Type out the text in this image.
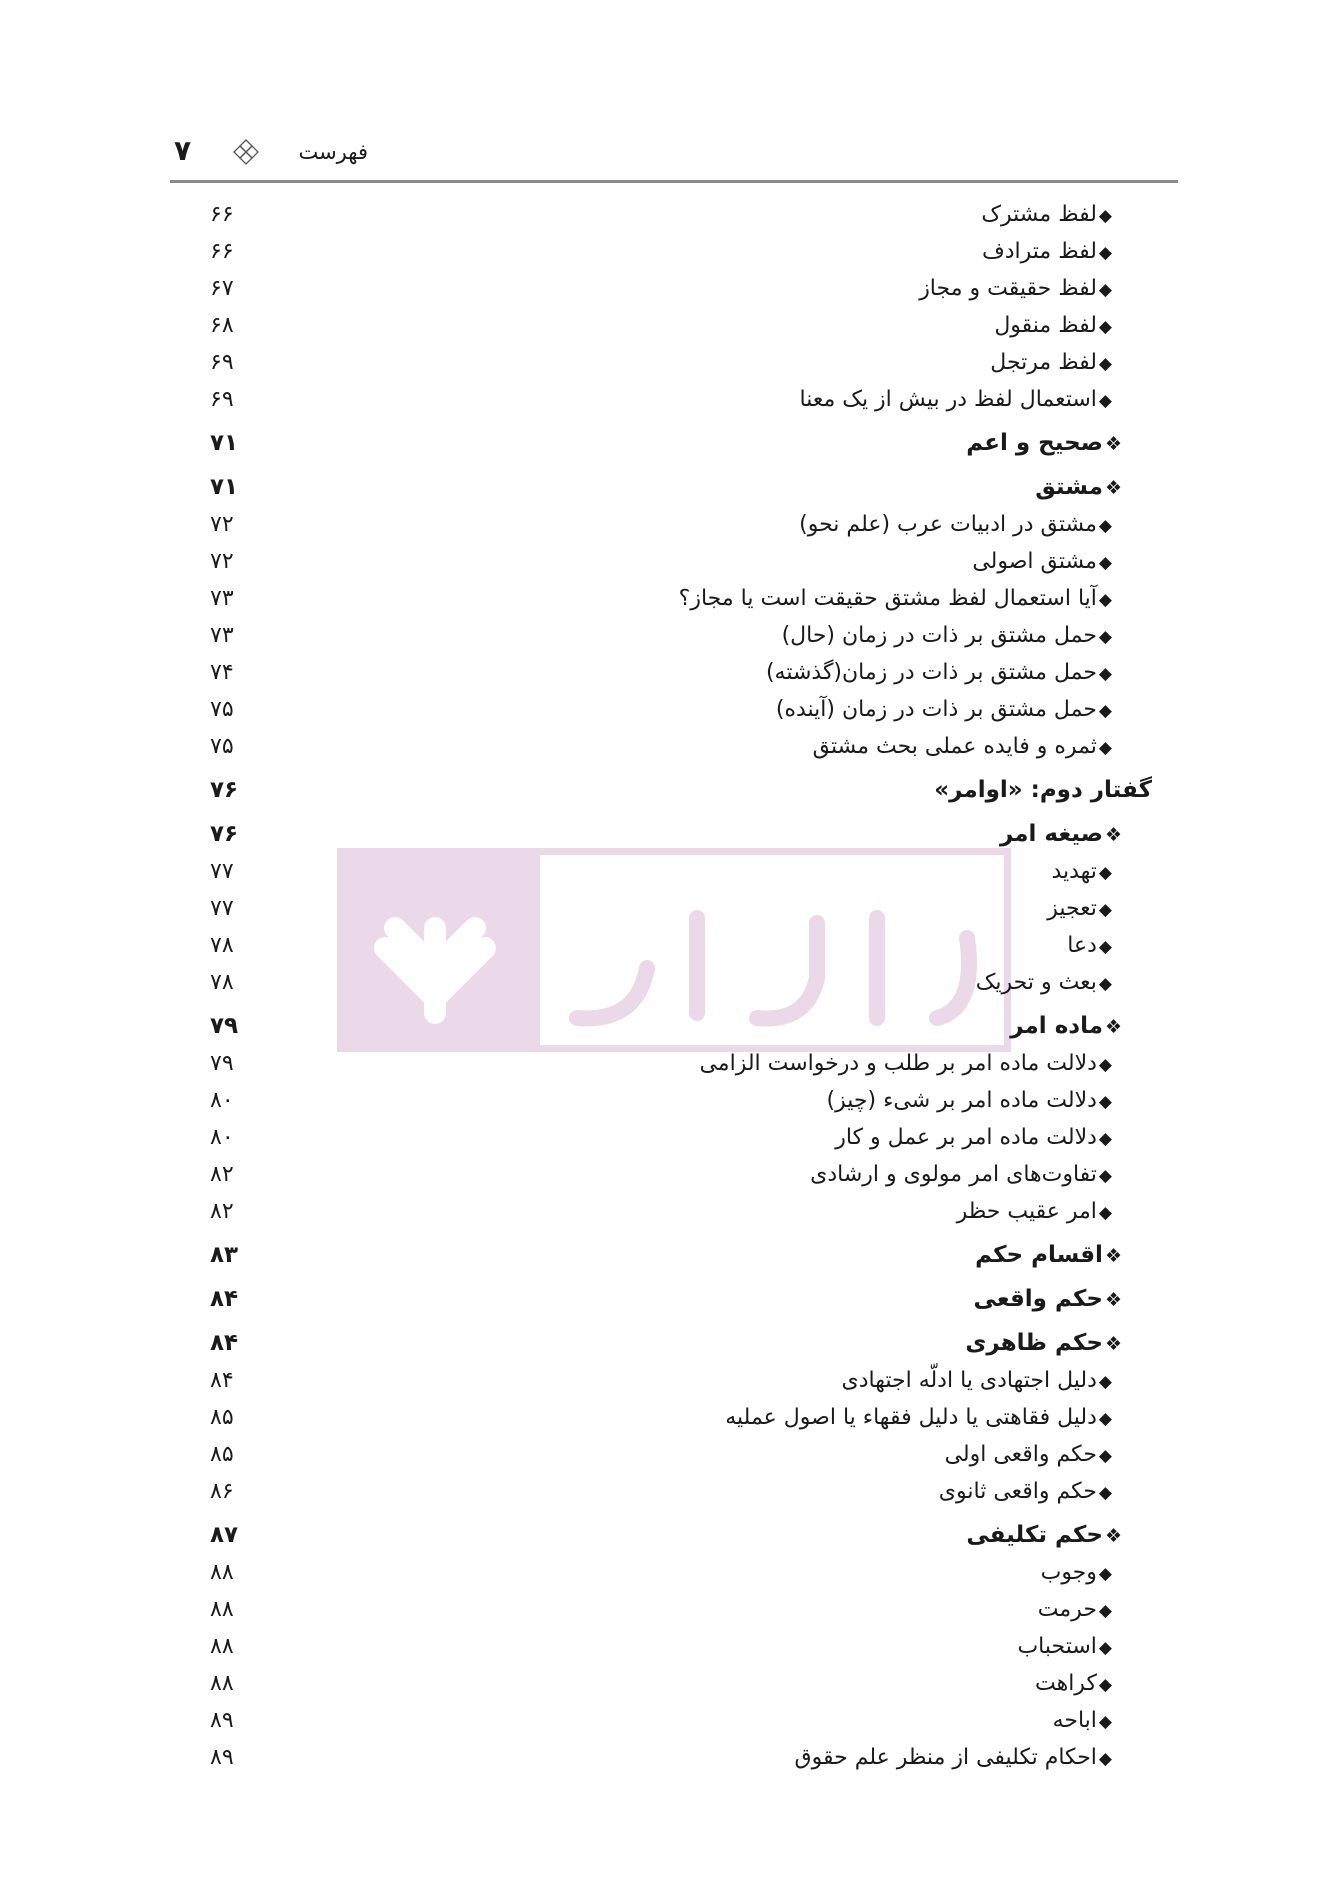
فهرست
۷
◆ لفظ مشترک
۶۶
◆ لفظ مترادف
۶۶
◆ لفظ حقیقت و مجاز
۶۷
◆ لفظ منقول
۶۸
◆ لفظ مرتجل
۶۹
◆ استعمال لفظ در بیش از یک معنا
۶۹
❖ صحیح و اعم
۷۱
❖ مشتق
۷۱
◆ مشتق در ادبیات عرب (علم نحو)
۷۲
◆ مشتق اصولی
۷۲
◆ آیا استعمال لفظ مشتق حقیقت است یا مجاز؟
۷۳
◆ حمل مشتق بر ذات در زمان (حال)
۷۳
◆ حمل مشتق بر ذات در زمان(گذشته)
۷۴
◆ حمل مشتق بر ذات در زمان (آینده)
۷۵
◆ ثمره و فایده عملی بحث مشتق
۷۵
گفتار دوم: «اوامر»
۷۶
❖ صیغه امر
۷۶
◆ تهدید
۷۷
◆ تعجیز
۷۷
◆ دعا
۷۸
◆ بعث و تحریک
۷۸
❖ ماده امر
۷۹
◆ دلالت ماده امر بر طلب و درخواست الزامی
۷۹
◆ دلالت ماده امر بر شیء (چیز)
۸۰
◆ دلالت ماده امر بر عمل و کار
۸۰
◆ تفاوت‌های امر مولوی و ارشادی
۸۲
◆ امر عقیب حظر
۸۲
❖ اقسام حکم
۸۳
❖ حکم واقعی
۸۴
❖ حکم ظاهری
۸۴
◆ دلیل اجتهادی یا ادلّه اجتهادی
۸۴
◆ دلیل فقاهتی یا دلیل فقهاء یا اصول عملیه
۸۵
◆ حکم واقعی اولی
۸۵
◆ حکم واقعی ثانوی
۸۶
❖ حکم تکلیفی
۸۷
◆ وجوب
۸۸
◆ حرمت
۸۸
◆ استحباب
۸۸
◆ کراهت
۸۸
◆ اباحه
۸۹
◆ احکام تکلیفی از منظر علم حقوق
۸۹
